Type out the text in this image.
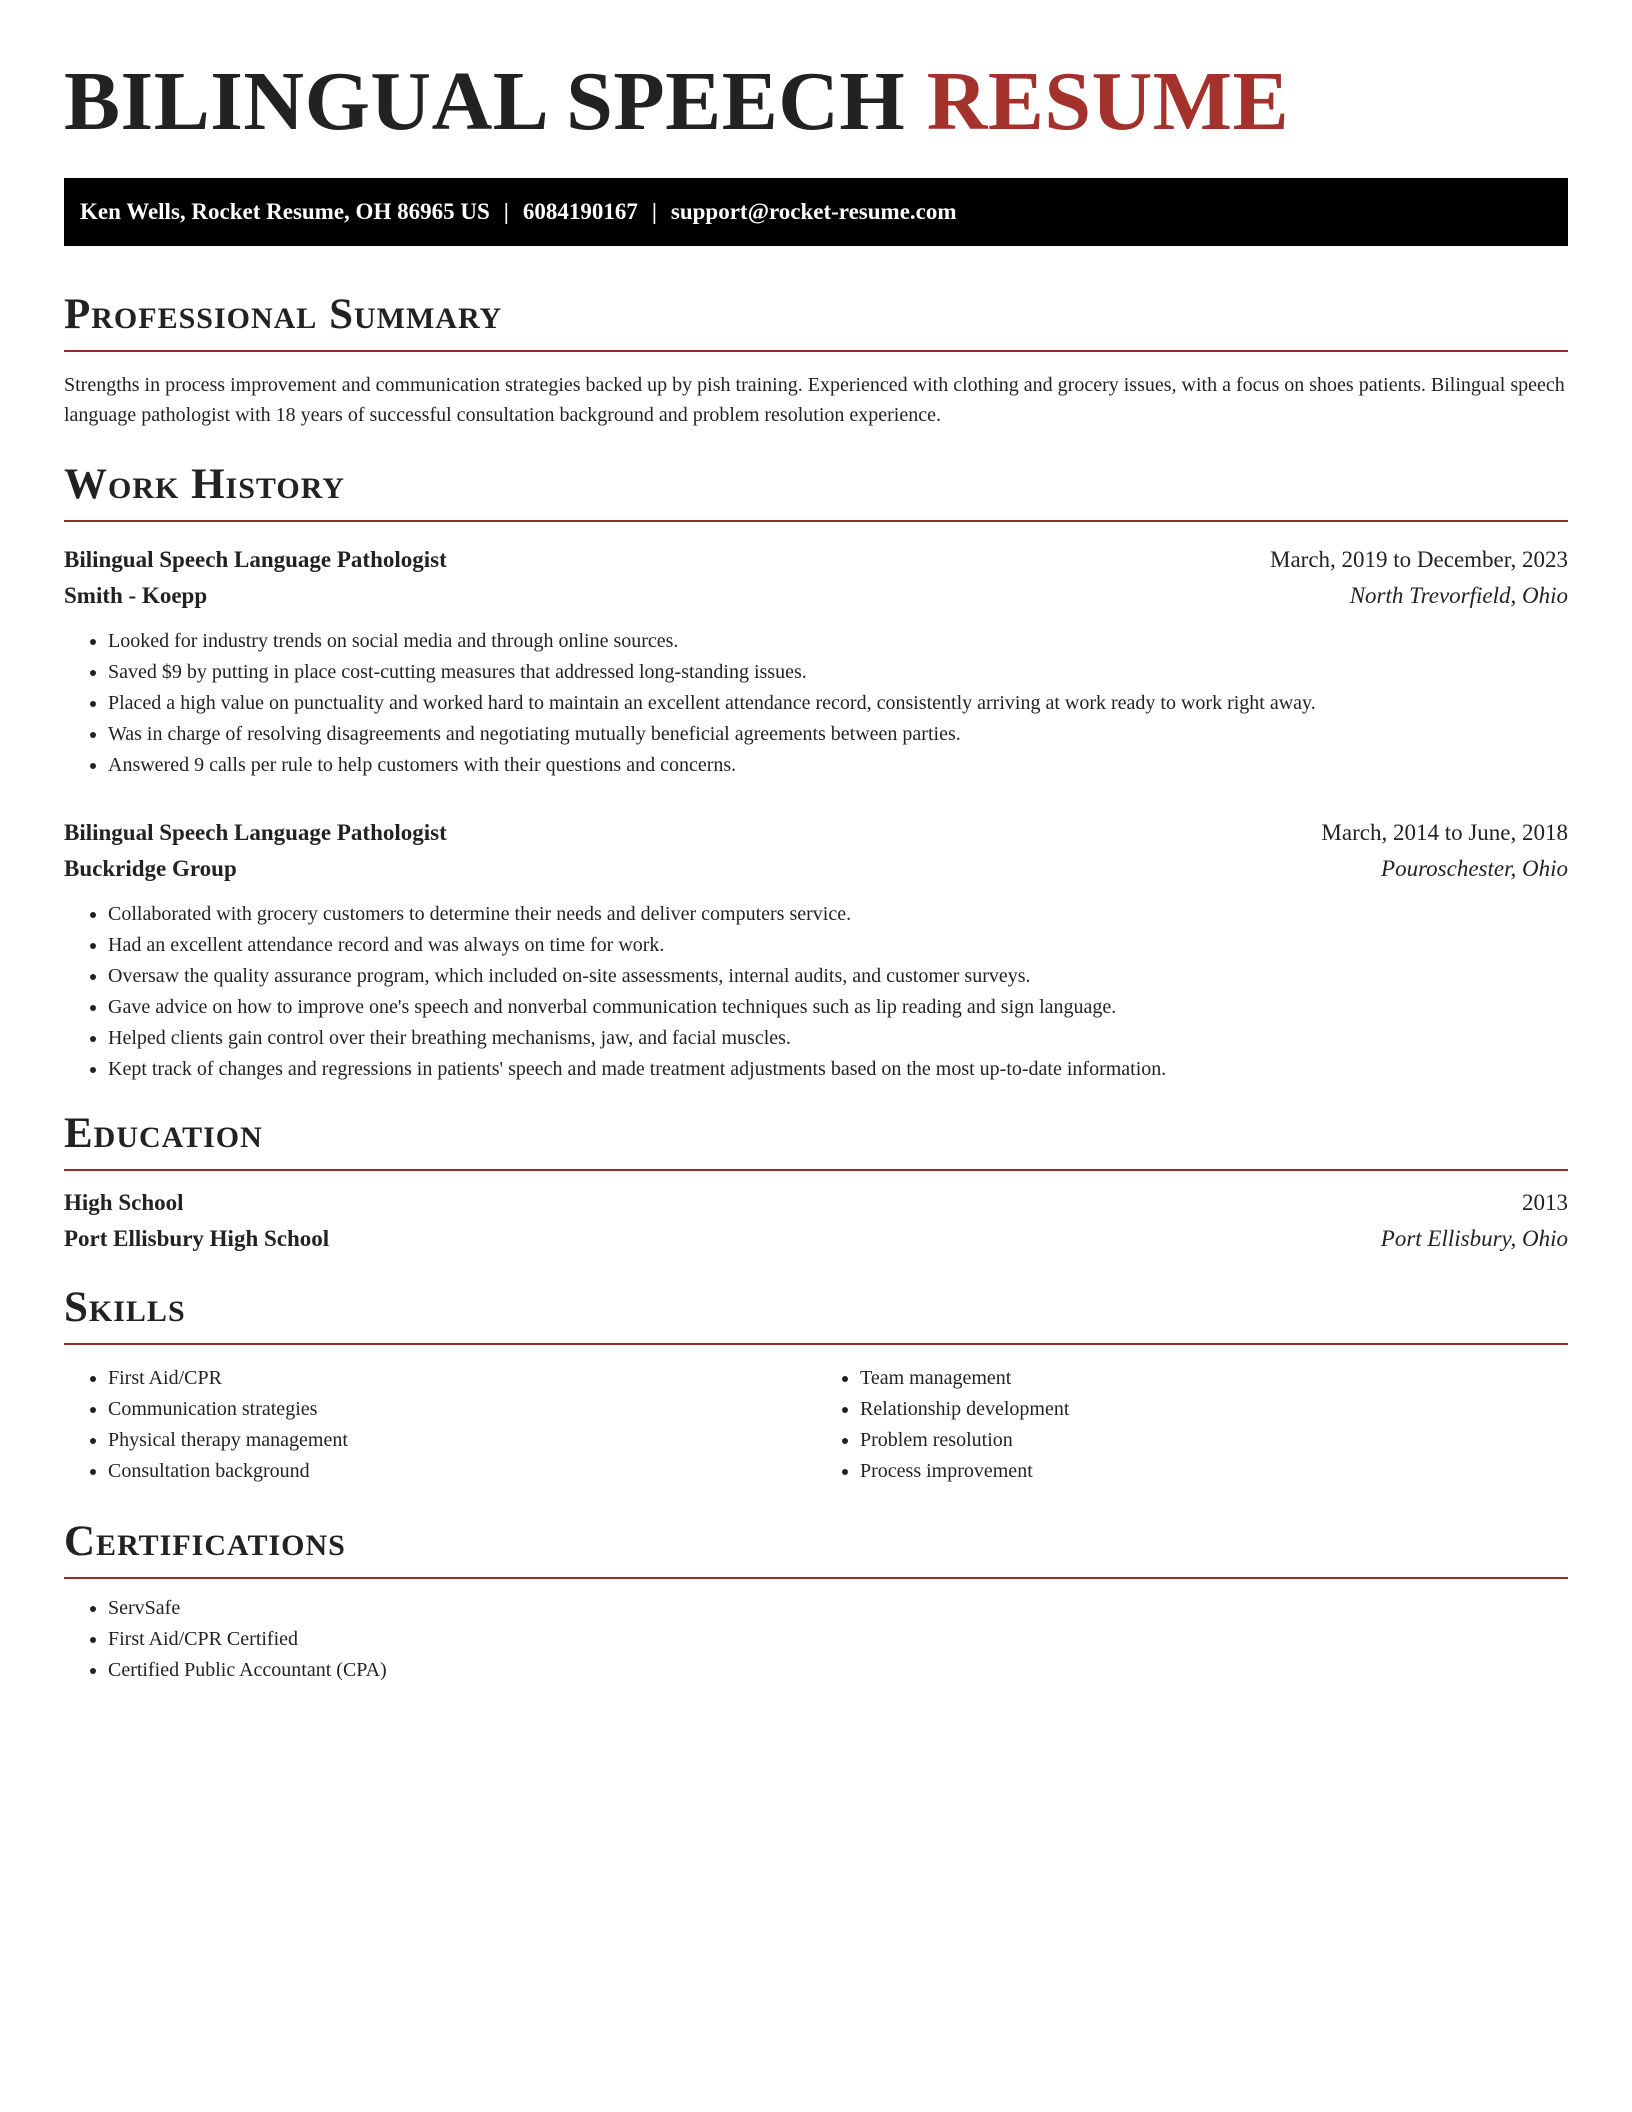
BILINGUAL SPEECH RESUME
Ken Wells, Rocket Resume, OH 86965 US | 6084190167 | support@rocket-resume.com
Professional Summary

Strengths in process improvement and communication strategies backed up by pish training. Experienced with clothing and grocery issues, with a focus on shoes patients. Bilingual speech language pathologist with 18 years of successful consultation background and problem resolution experience.

Work History
Bilingual Speech Language Pathologist	March, 2019 to December, 2023
Smith - Koepp	North Trevorfield, Ohio
• Looked for industry trends on social media and through online sources.
• Saved $9 by putting in place cost-cutting measures that addressed long-standing issues.
• Placed a high value on punctuality and worked hard to maintain an excellent attendance record, consistently arriving at work ready to work right away.
• Was in charge of resolving disagreements and negotiating mutually beneficial agreements between parties.
• Answered 9 calls per rule to help customers with their questions and concerns.
Bilingual Speech Language Pathologist	March, 2014 to June, 2018
Buckridge Group	Pouroschester, Ohio
• Collaborated with grocery customers to determine their needs and deliver computers service.
• Had an excellent attendance record and was always on time for work.
• Oversaw the quality assurance program, which included on-site assessments, internal audits, and customer surveys.
• Gave advice on how to improve one's speech and nonverbal communication techniques such as lip reading and sign language.
• Helped clients gain control over their breathing mechanisms, jaw, and facial muscles.
• Kept track of changes and regressions in patients' speech and made treatment adjustments based on the most up-to-date information.
Education
High School	2013
Port Ellisbury High School	Port Ellisbury, Ohio
Skills
• First Aid/CPR
• Communication strategies
• Physical therapy management
• Consultation background
• Team management
• Relationship development
• Problem resolution
• Process improvement
Certifications
• ServSafe
• First Aid/CPR Certified
• Certified Public Accountant (CPA)
